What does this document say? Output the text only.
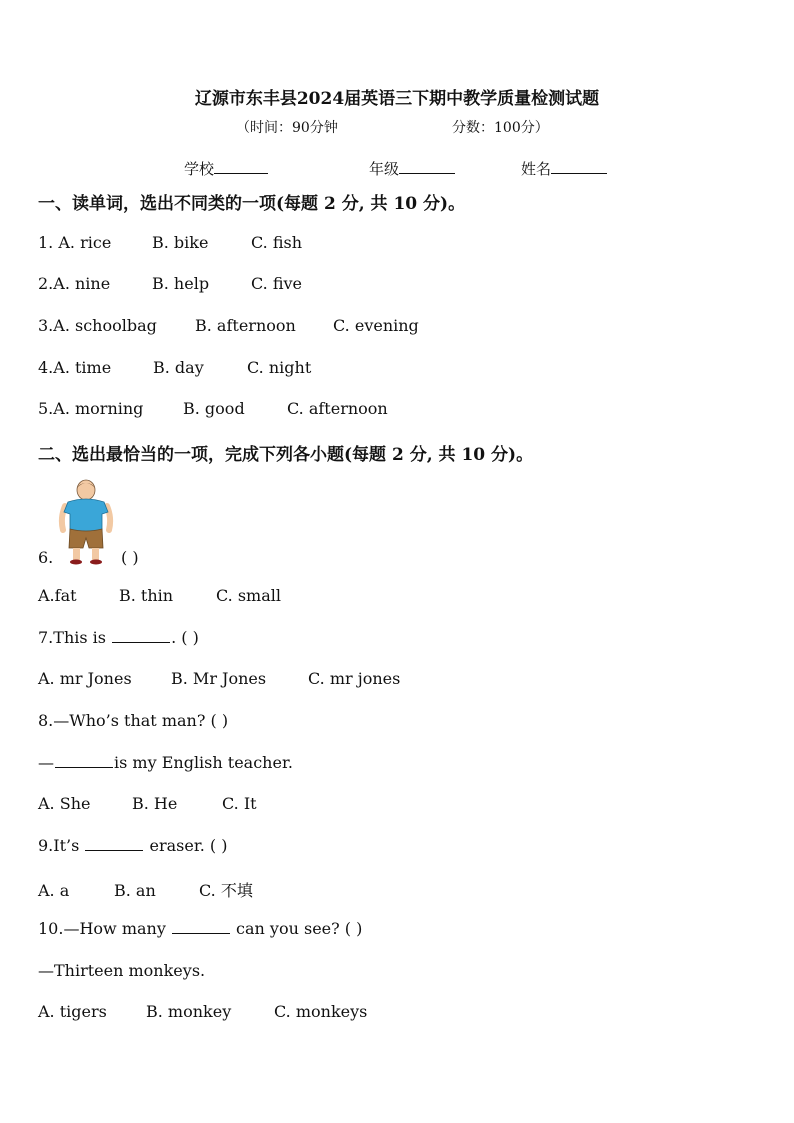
辽源市东丰县2024届英语三下期中教学质量检测试题
（时间：90分钟	分数：100分）
学校	年级	姓名
一、读单词，选出不同类的一项(每题 2 分, 共 10 分)。
1. A. rice	B. bike	C. fish
2.A. nine	B. help	C. five
3.A. schoolbag B. afternoon C. evening
4.A. time	B. day	C. night
5.A. morning B. good	C. afternoon
二、选出最恰当的一项，完成下列各小题(每题 2 分, 共 10 分)。
6.	( )
A.fat	B. thin	C. small
7.This is	. ( )
A. mr Jones B. Mr Jones	C. mr jones
8.—Who’s that man? ( )
—	is my English teacher.
A. She	B. He	C. It
9.It’s	eraser. ( )
A. a	B. an	C. 不填
10.—How many	can you see? ( )
—Thirteen monkeys.
A. tigers B. monkey	C. monkeys
